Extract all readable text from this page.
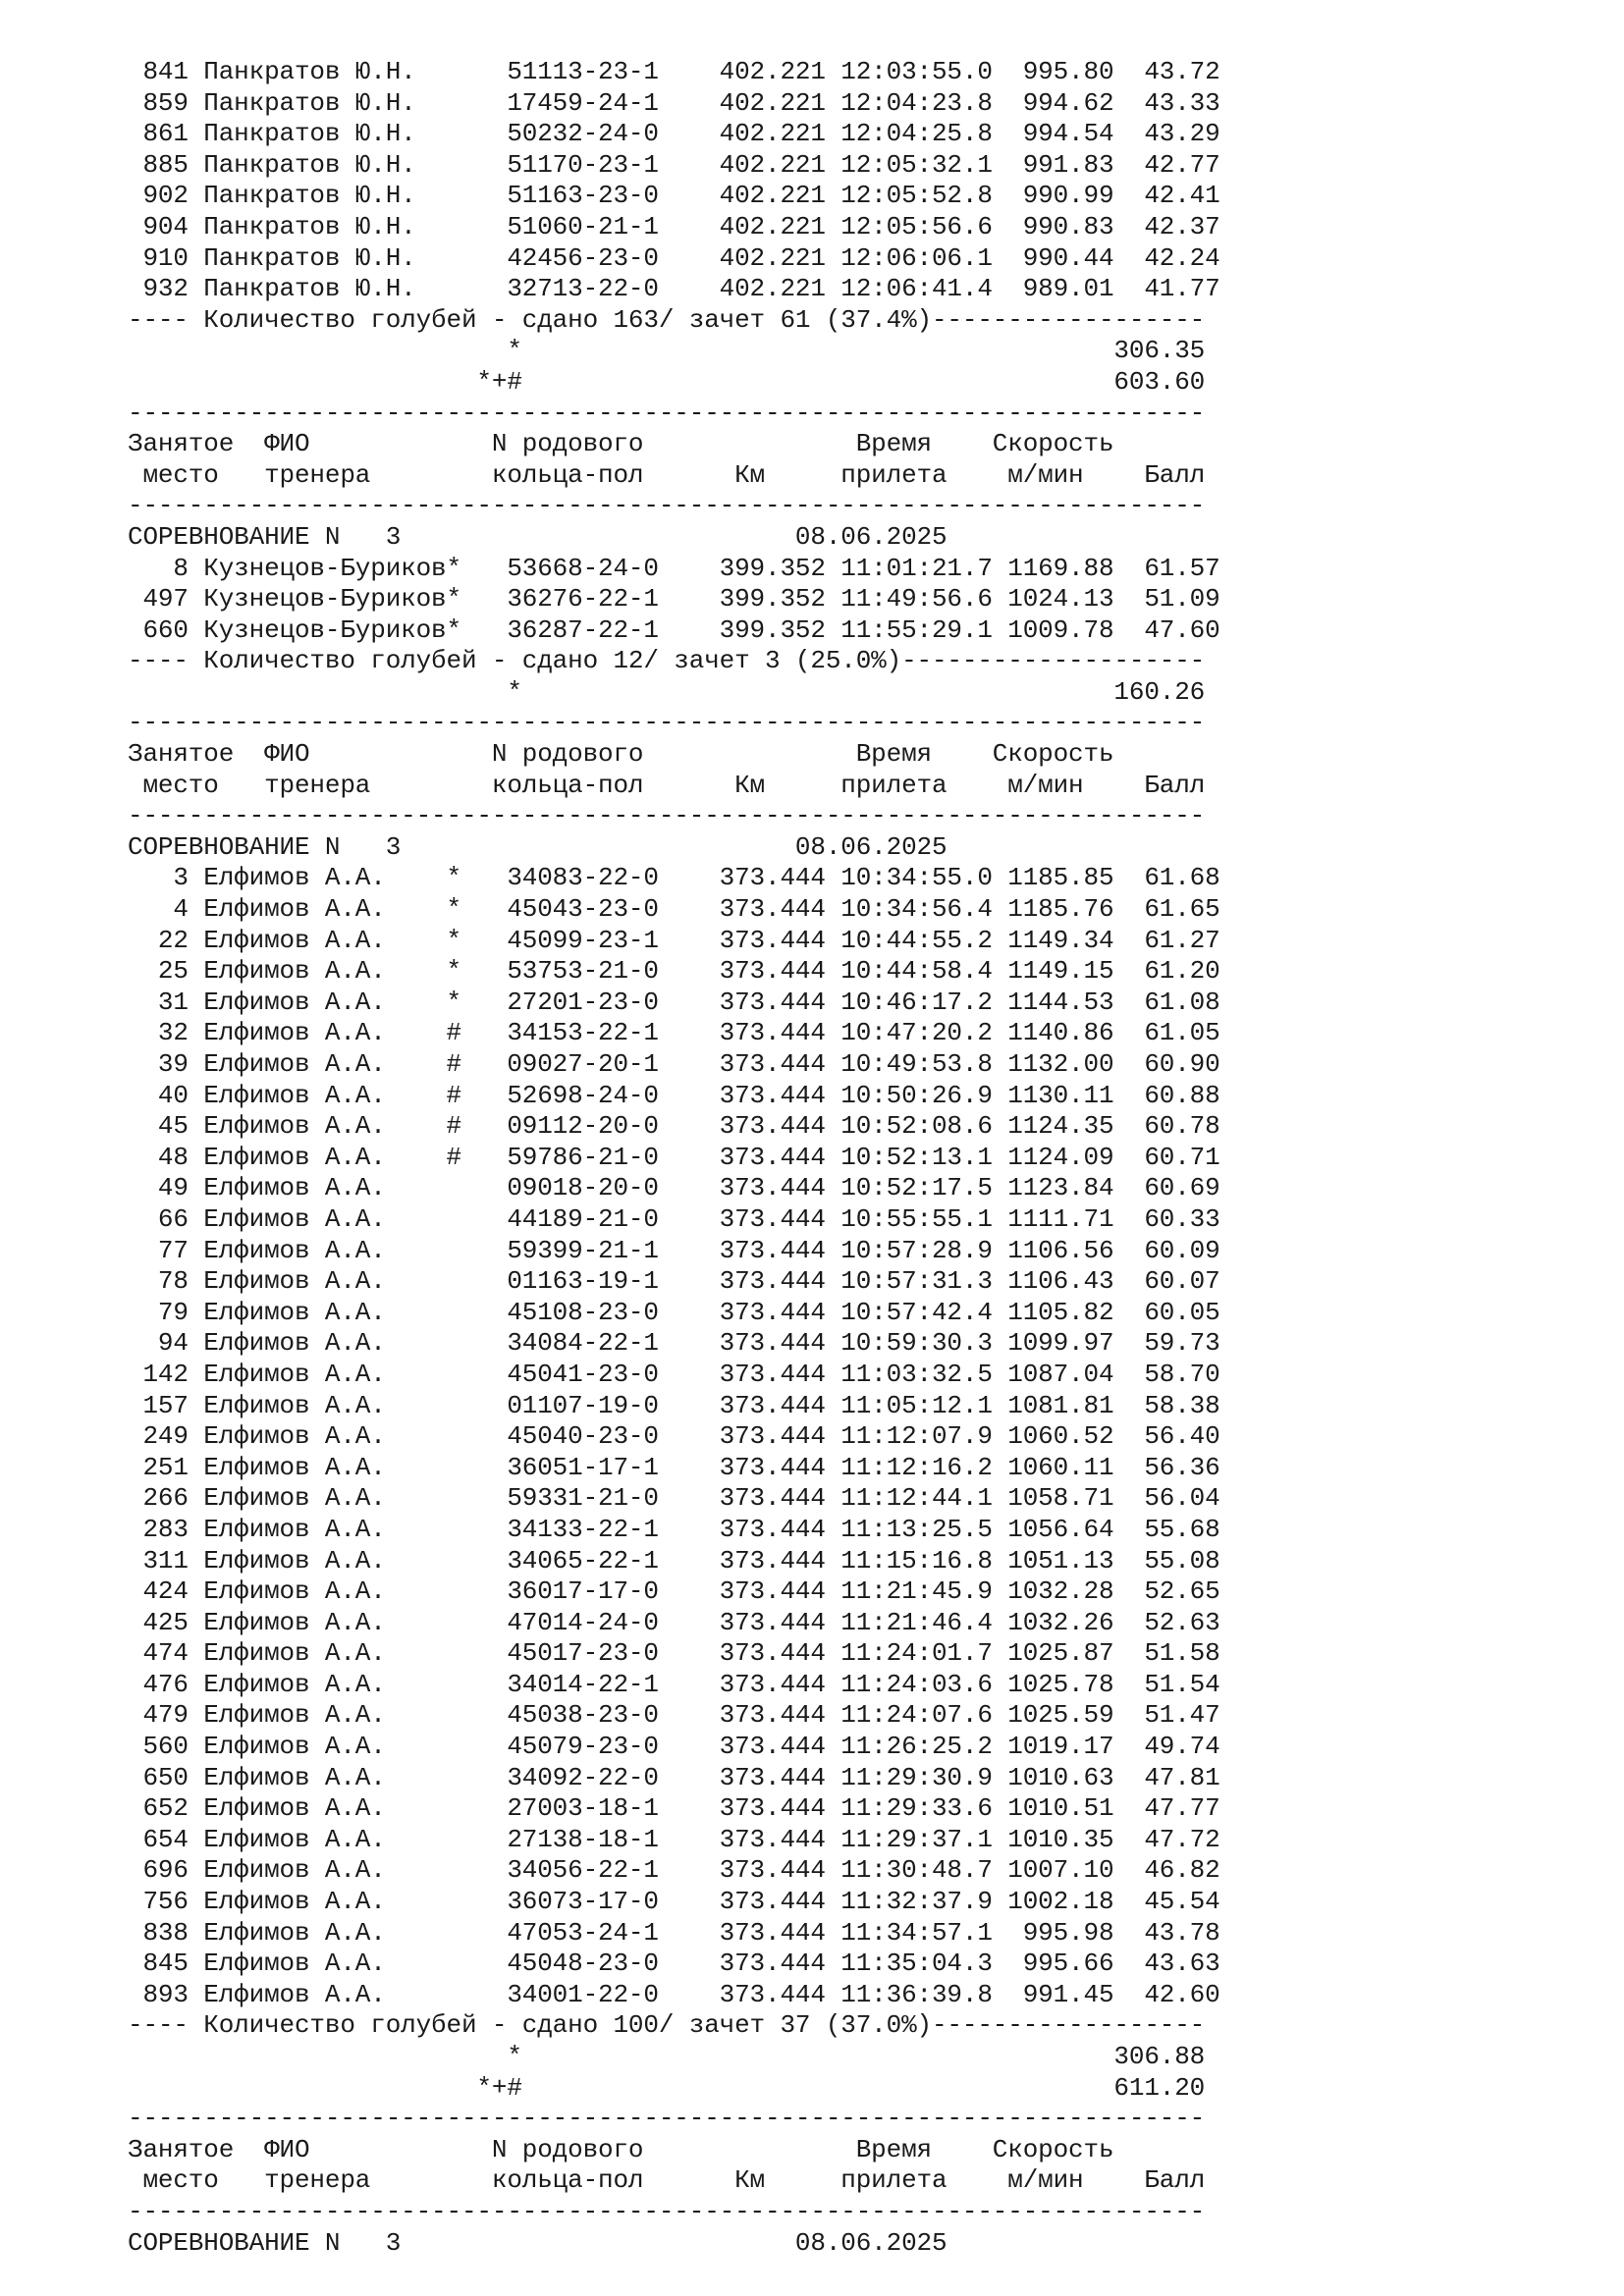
841 Панкратов Ю.Н.      51113-23-1    402.221 12:03:55.0  995.80  43.72
859 Панкратов Ю.Н.      17459-24-1    402.221 12:04:23.8  994.62  43.33
861 Панкратов Ю.Н.      50232-24-0    402.221 12:04:25.8  994.54  43.29
885 Панкратов Ю.Н.      51170-23-1    402.221 12:05:32.1  991.83  42.77
902 Панкратов Ю.Н.      51163-23-0    402.221 12:05:52.8  990.99  42.41
904 Панкратов Ю.Н.      51060-21-1    402.221 12:05:56.6  990.83  42.37
910 Панкратов Ю.Н.      42456-23-0    402.221 12:06:06.1  990.44  42.24
932 Панкратов Ю.Н.      32713-22-0    402.221 12:06:41.4  989.01  41.77
---- Количество голубей - сдано 163/ зачет 61 (37.4%)------------------
*                                       306.35
*+#                                       603.60
-----------------------------------------------------------------------
Занятое  ФИО            N родового              Время    Скорость
место   тренера        кольца-пол      Км     прилета    м/мин    Балл
-----------------------------------------------------------------------
СОРЕВНОВАНИЕ N   3                          08.06.2025
8 Кузнецов-Буриков*   53668-24-0    399.352 11:01:21.7 1169.88  61.57
497 Кузнецов-Буриков*   36276-22-1    399.352 11:49:56.6 1024.13  51.09
660 Кузнецов-Буриков*   36287-22-1    399.352 11:55:29.1 1009.78  47.60
---- Количество голубей - сдано 12/ зачет 3 (25.0%)--------------------
*                                       160.26
-----------------------------------------------------------------------
Занятое  ФИО            N родового              Время    Скорость
место   тренера        кольца-пол      Км     прилета    м/мин    Балл
-----------------------------------------------------------------------
СОРЕВНОВАНИЕ N   3                          08.06.2025
3 Елфимов А.А.    *   34083-22-0    373.444 10:34:55.0 1185.85  61.68
4 Елфимов А.А.    *   45043-23-0    373.444 10:34:56.4 1185.76  61.65
22 Елфимов А.А.    *   45099-23-1    373.444 10:44:55.2 1149.34  61.27
25 Елфимов А.А.    *   53753-21-0    373.444 10:44:58.4 1149.15  61.20
31 Елфимов А.А.    *   27201-23-0    373.444 10:46:17.2 1144.53  61.08
32 Елфимов А.А.    #   34153-22-1    373.444 10:47:20.2 1140.86  61.05
39 Елфимов А.А.    #   09027-20-1    373.444 10:49:53.8 1132.00  60.90
40 Елфимов А.А.    #   52698-24-0    373.444 10:50:26.9 1130.11  60.88
45 Елфимов А.А.    #   09112-20-0    373.444 10:52:08.6 1124.35  60.78
48 Елфимов А.А.    #   59786-21-0    373.444 10:52:13.1 1124.09  60.71
49 Елфимов А.А.        09018-20-0    373.444 10:52:17.5 1123.84  60.69
66 Елфимов А.А.        44189-21-0    373.444 10:55:55.1 1111.71  60.33
77 Елфимов А.А.        59399-21-1    373.444 10:57:28.9 1106.56  60.09
78 Елфимов А.А.        01163-19-1    373.444 10:57:31.3 1106.43  60.07
79 Елфимов А.А.        45108-23-0    373.444 10:57:42.4 1105.82  60.05
94 Елфимов А.А.        34084-22-1    373.444 10:59:30.3 1099.97  59.73
142 Елфимов А.А.        45041-23-0    373.444 11:03:32.5 1087.04  58.70
157 Елфимов А.А.        01107-19-0    373.444 11:05:12.1 1081.81  58.38
249 Елфимов А.А.        45040-23-0    373.444 11:12:07.9 1060.52  56.40
251 Елфимов А.А.        36051-17-1    373.444 11:12:16.2 1060.11  56.36
266 Елфимов А.А.        59331-21-0    373.444 11:12:44.1 1058.71  56.04
283 Елфимов А.А.        34133-22-1    373.444 11:13:25.5 1056.64  55.68
311 Елфимов А.А.        34065-22-1    373.444 11:15:16.8 1051.13  55.08
424 Елфимов А.А.        36017-17-0    373.444 11:21:45.9 1032.28  52.65
425 Елфимов А.А.        47014-24-0    373.444 11:21:46.4 1032.26  52.63
474 Елфимов А.А.        45017-23-0    373.444 11:24:01.7 1025.87  51.58
476 Елфимов А.А.        34014-22-1    373.444 11:24:03.6 1025.78  51.54
479 Елфимов А.А.        45038-23-0    373.444 11:24:07.6 1025.59  51.47
560 Елфимов А.А.        45079-23-0    373.444 11:26:25.2 1019.17  49.74
650 Елфимов А.А.        34092-22-0    373.444 11:29:30.9 1010.63  47.81
652 Елфимов А.А.        27003-18-1    373.444 11:29:33.6 1010.51  47.77
654 Елфимов А.А.        27138-18-1    373.444 11:29:37.1 1010.35  47.72
696 Елфимов А.А.        34056-22-1    373.444 11:30:48.7 1007.10  46.82
756 Елфимов А.А.        36073-17-0    373.444 11:32:37.9 1002.18  45.54
838 Елфимов А.А.        47053-24-1    373.444 11:34:57.1  995.98  43.78
845 Елфимов А.А.        45048-23-0    373.444 11:35:04.3  995.66  43.63
893 Елфимов А.А.        34001-22-0    373.444 11:36:39.8  991.45  42.60
---- Количество голубей - сдано 100/ зачет 37 (37.0%)------------------
*                                       306.88
*+#                                       611.20
-----------------------------------------------------------------------
Занятое  ФИО            N родового              Время    Скорость
место   тренера        кольца-пол      Км     прилета    м/мин    Балл
-----------------------------------------------------------------------
СОРЕВНОВАНИЕ N   3                          08.06.2025
